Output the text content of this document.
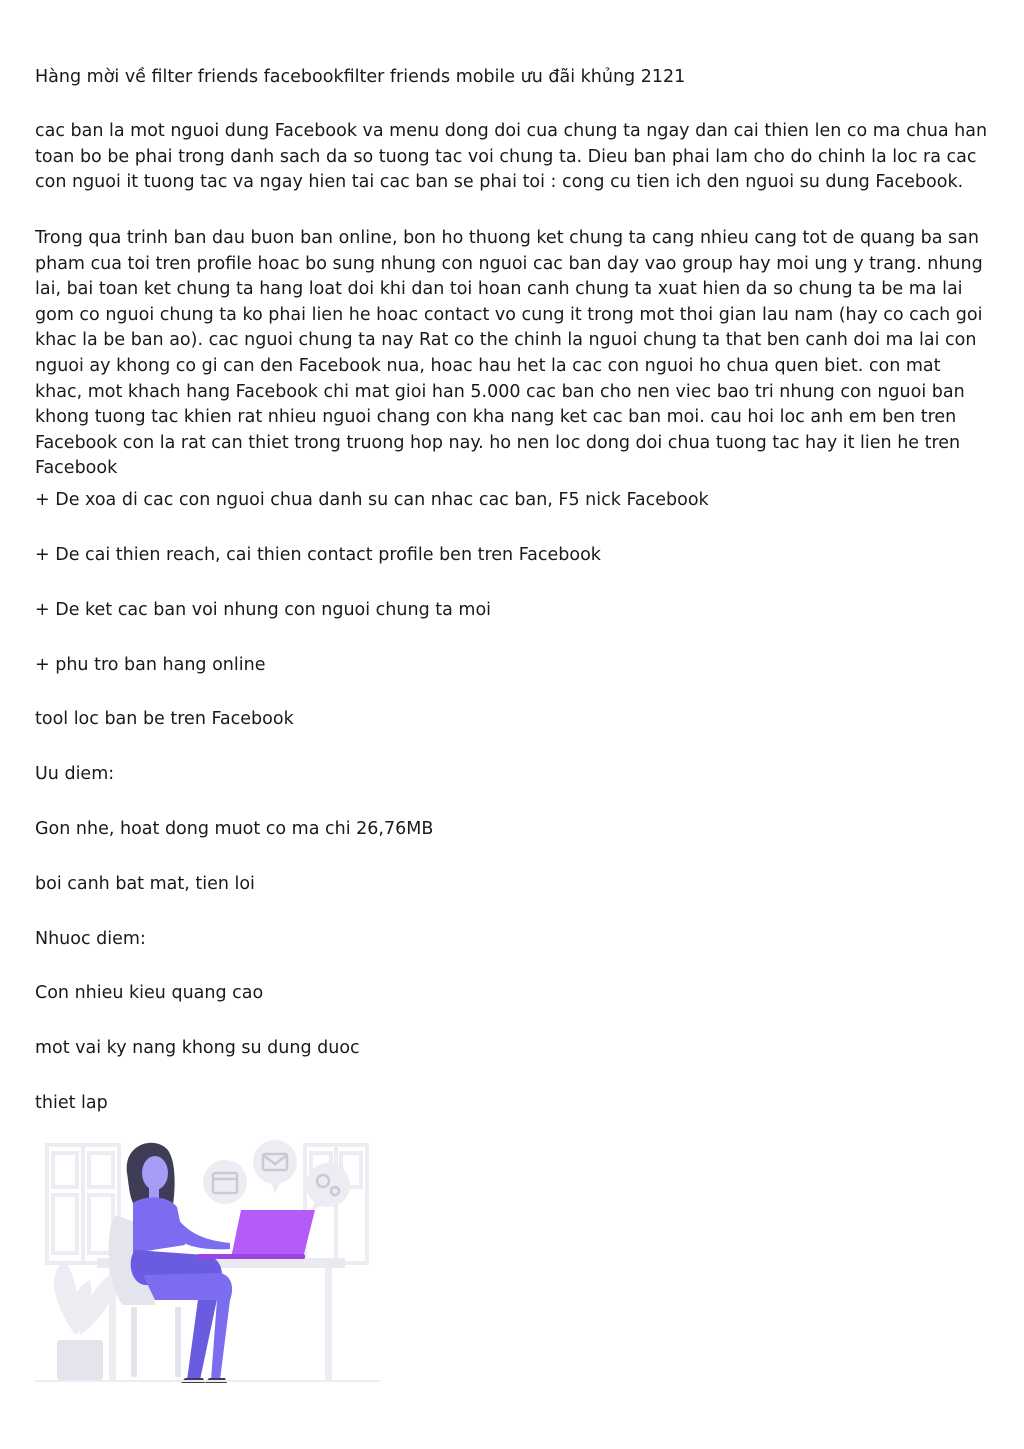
Hàng mời về filter friends facebookfilter friends mobile ưu đãi khủng 2121

cac ban la mot nguoi dung Facebook va menu dong doi cua chung ta ngay dan cai thien len co ma chua han toan bo be phai trong danh sach da so tuong tac voi chung ta. Dieu ban phai lam cho do chinh la loc ra cac con nguoi it tuong tac va ngay hien tai cac ban se phai toi : cong cu tien ich den nguoi su dung Facebook.

Trong qua trinh ban dau buon ban online, bon ho thuong ket chung ta cang nhieu cang tot de quang ba san pham cua toi tren profile hoac bo sung nhung con nguoi cac ban day vao group hay moi ung y trang. nhung lai, bai toan ket chung ta hang loat doi khi dan toi hoan canh chung ta xuat hien da so chung ta be ma lai gom co nguoi chung ta ko phai lien he hoac contact vo cung it trong mot thoi gian lau nam (hay co cach goi khac la be ban ao). cac nguoi chung ta nay Rat co the chinh la nguoi chung ta that ben canh doi ma lai con nguoi ay khong co gi can den Facebook nua, hoac hau het la cac con nguoi ho chua quen biet. con mat khac, mot khach hang Facebook chi mat gioi han 5.000 cac ban cho nen viec bao tri nhung con nguoi ban khong tuong tac khien rat nhieu nguoi chang con kha nang ket cac ban moi. cau hoi loc anh em ben tren Facebook con la rat can thiet trong truong hop nay. ho nen loc dong doi chua tuong tac hay it lien he tren Facebook

+ De xoa di cac con nguoi chua danh su can nhac cac ban, F5 nick Facebook
+ De cai thien reach, cai thien contact profile ben tren Facebook
+ De ket cac ban voi nhung con nguoi chung ta moi
+ phu tro ban hang online
tool loc ban be tren Facebook
Uu diem:
Gon nhe, hoat dong muot co ma chi 26,76MB
boi canh bat mat, tien loi
Nhuoc diem:
Con nhieu kieu quang cao
mot vai ky nang khong su dung duoc
thiet lap
